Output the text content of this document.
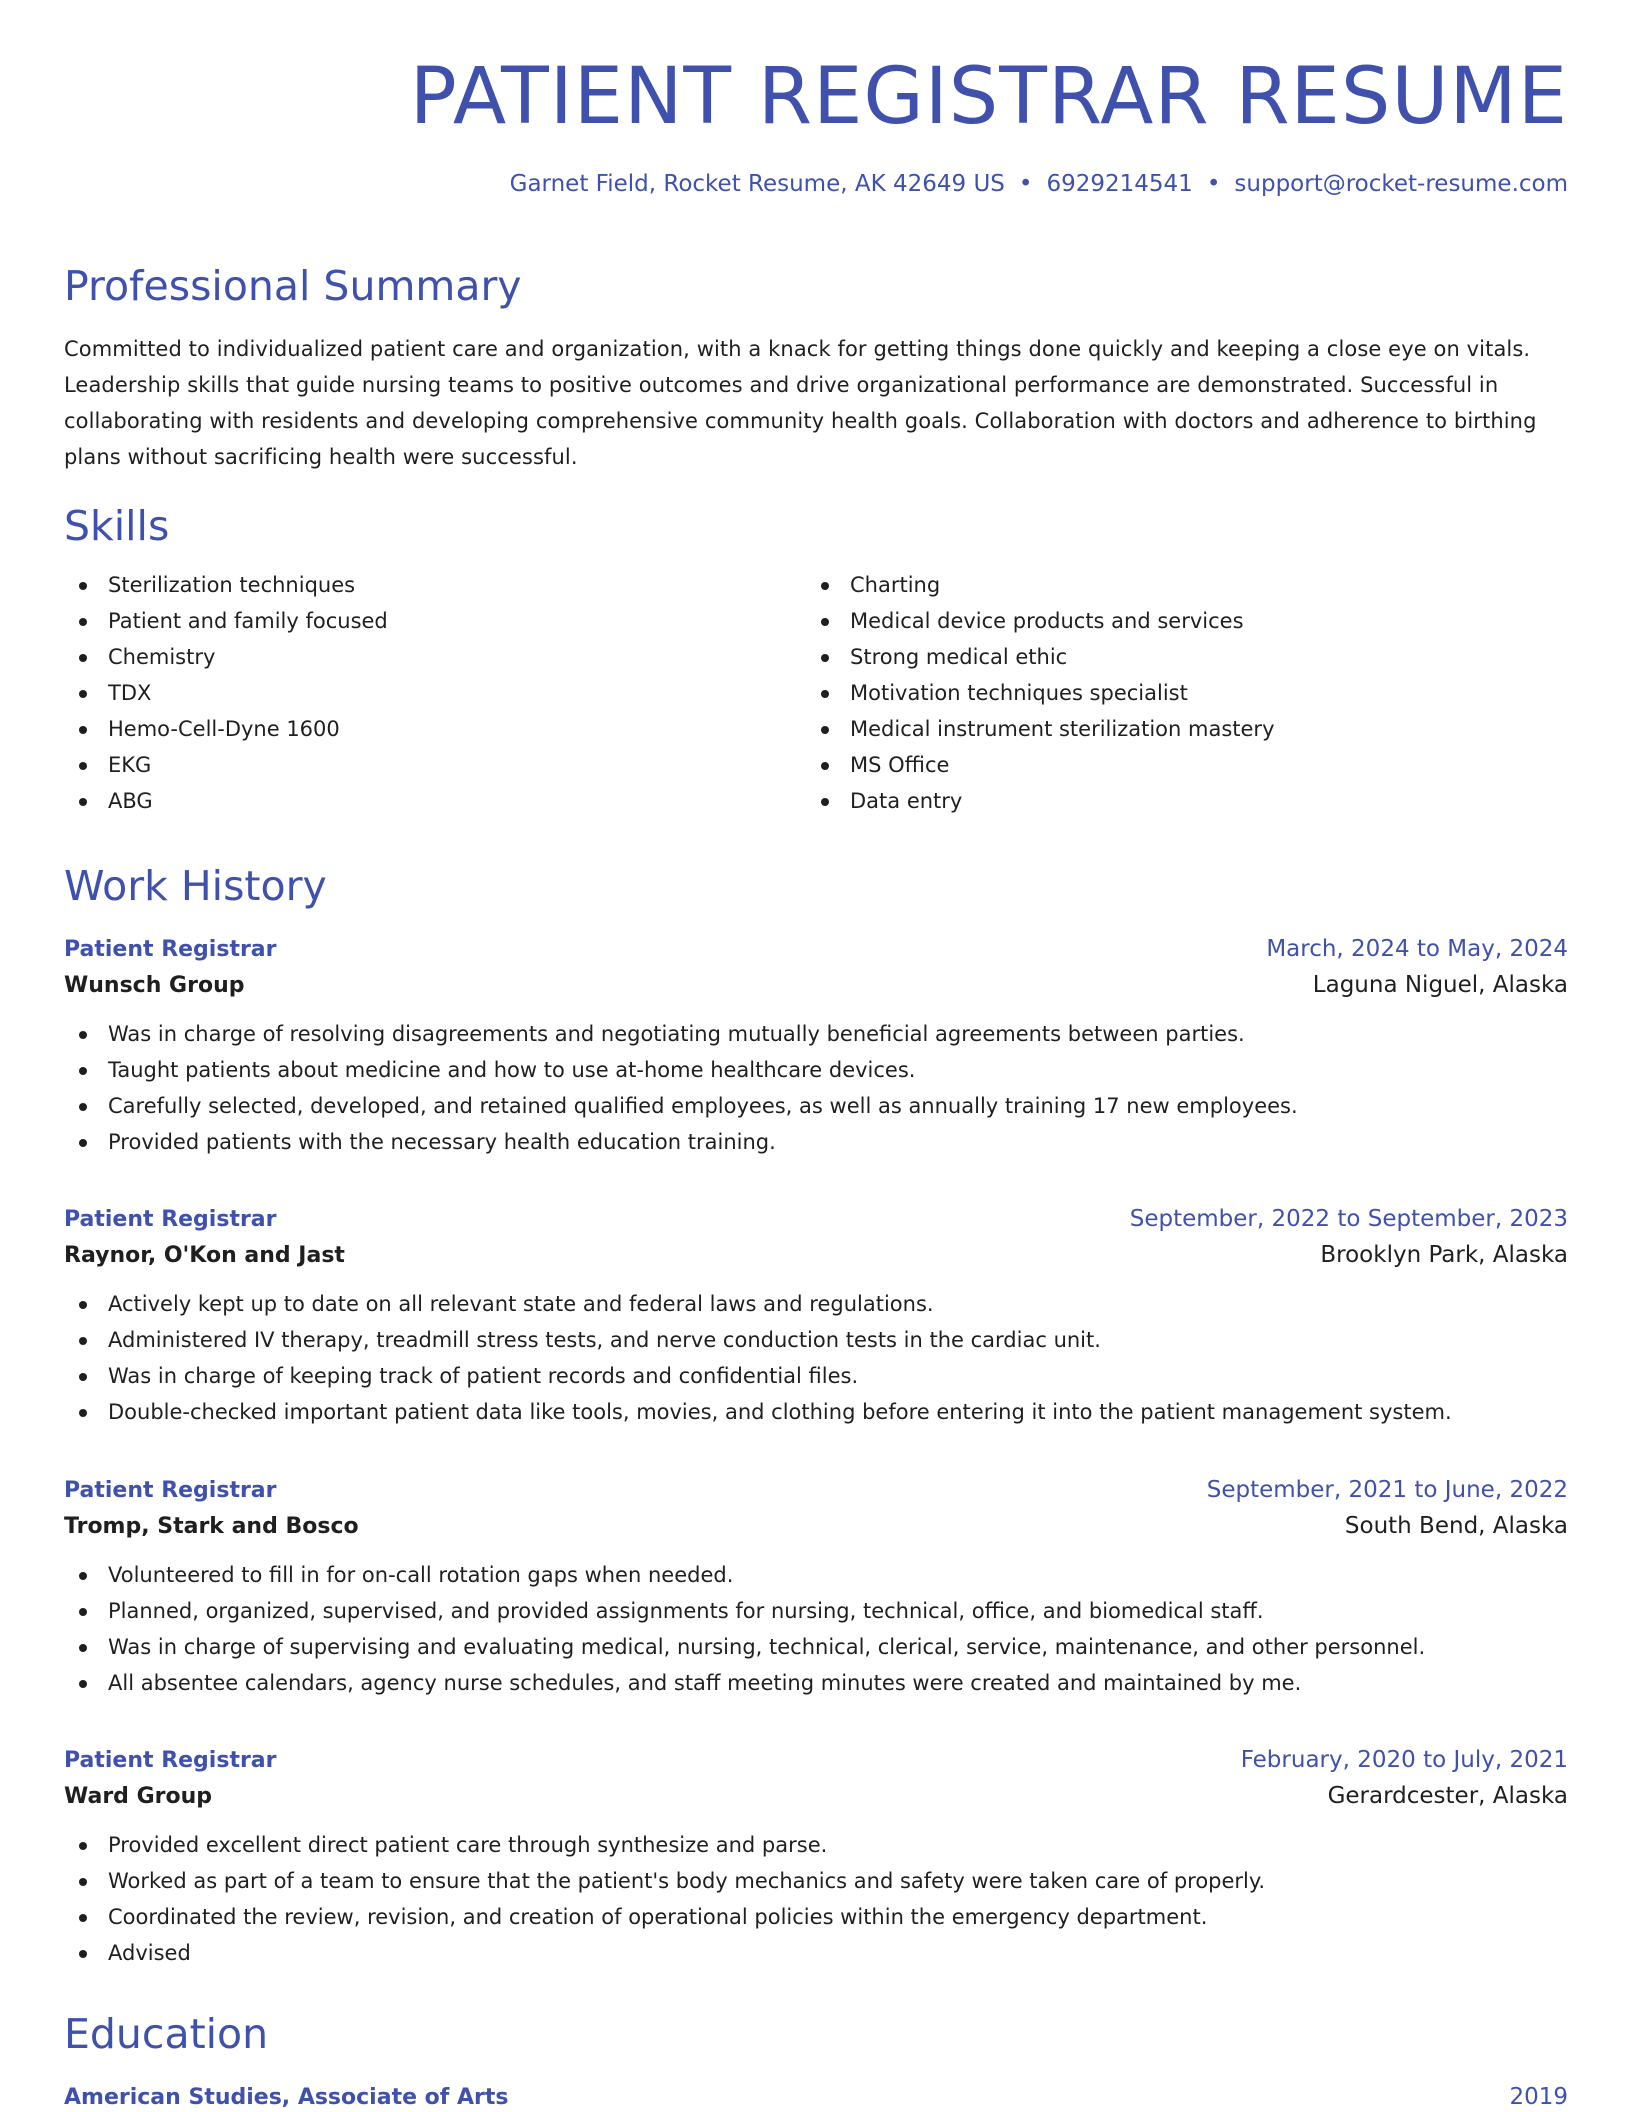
PATIENT REGISTRAR RESUME
Garnet Field, Rocket Resume, AK 42649 US • 6929214541 • support@rocket-resume.com
Professional Summary

Committed to individualized patient care and organization, with a knack for getting things done quickly and keeping a close eye on vitals. Leadership skills that guide nursing teams to positive outcomes and drive organizational performance are demonstrated. Successful in collaborating with residents and developing comprehensive community health goals. Collaboration with doctors and adherence to birthing plans without sacrificing health were successful.

Skills
Sterilization techniques
Patient and family focused
Chemistry
TDX
Hemo-Cell-Dyne 1600
EKG
ABG
Charting
Medical device products and services
Strong medical ethic
Motivation techniques specialist
Medical instrument sterilization mastery
MS Office
Data entry
Work History
Patient Registrar	March, 2024 to May, 2024
Wunsch Group	Laguna Niguel, Alaska
Was in charge of resolving disagreements and negotiating mutually beneficial agreements between parties.
Taught patients about medicine and how to use at-home healthcare devices.
Carefully selected, developed, and retained qualified employees, as well as annually training 17 new employees.
Provided patients with the necessary health education training.
Patient Registrar	September, 2022 to September, 2023
Raynor, O'Kon and Jast	Brooklyn Park, Alaska
Actively kept up to date on all relevant state and federal laws and regulations.
Administered IV therapy, treadmill stress tests, and nerve conduction tests in the cardiac unit.
Was in charge of keeping track of patient records and confidential files.
Double-checked important patient data like tools, movies, and clothing before entering it into the patient management system.
Patient Registrar	September, 2021 to June, 2022
Tromp, Stark and Bosco	South Bend, Alaska
Volunteered to fill in for on-call rotation gaps when needed.
Planned, organized, supervised, and provided assignments for nursing, technical, office, and biomedical staff.
Was in charge of supervising and evaluating medical, nursing, technical, clerical, service, maintenance, and other personnel.
All absentee calendars, agency nurse schedules, and staff meeting minutes were created and maintained by me.
Patient Registrar	February, 2020 to July, 2021
Ward Group	Gerardcester, Alaska
Provided excellent direct patient care through synthesize and parse.
Worked as part of a team to ensure that the patient's body mechanics and safety were taken care of properly.
Coordinated the review, revision, and creation of operational policies within the emergency department.
Advised
Education
American Studies, Associate of Arts	2019
